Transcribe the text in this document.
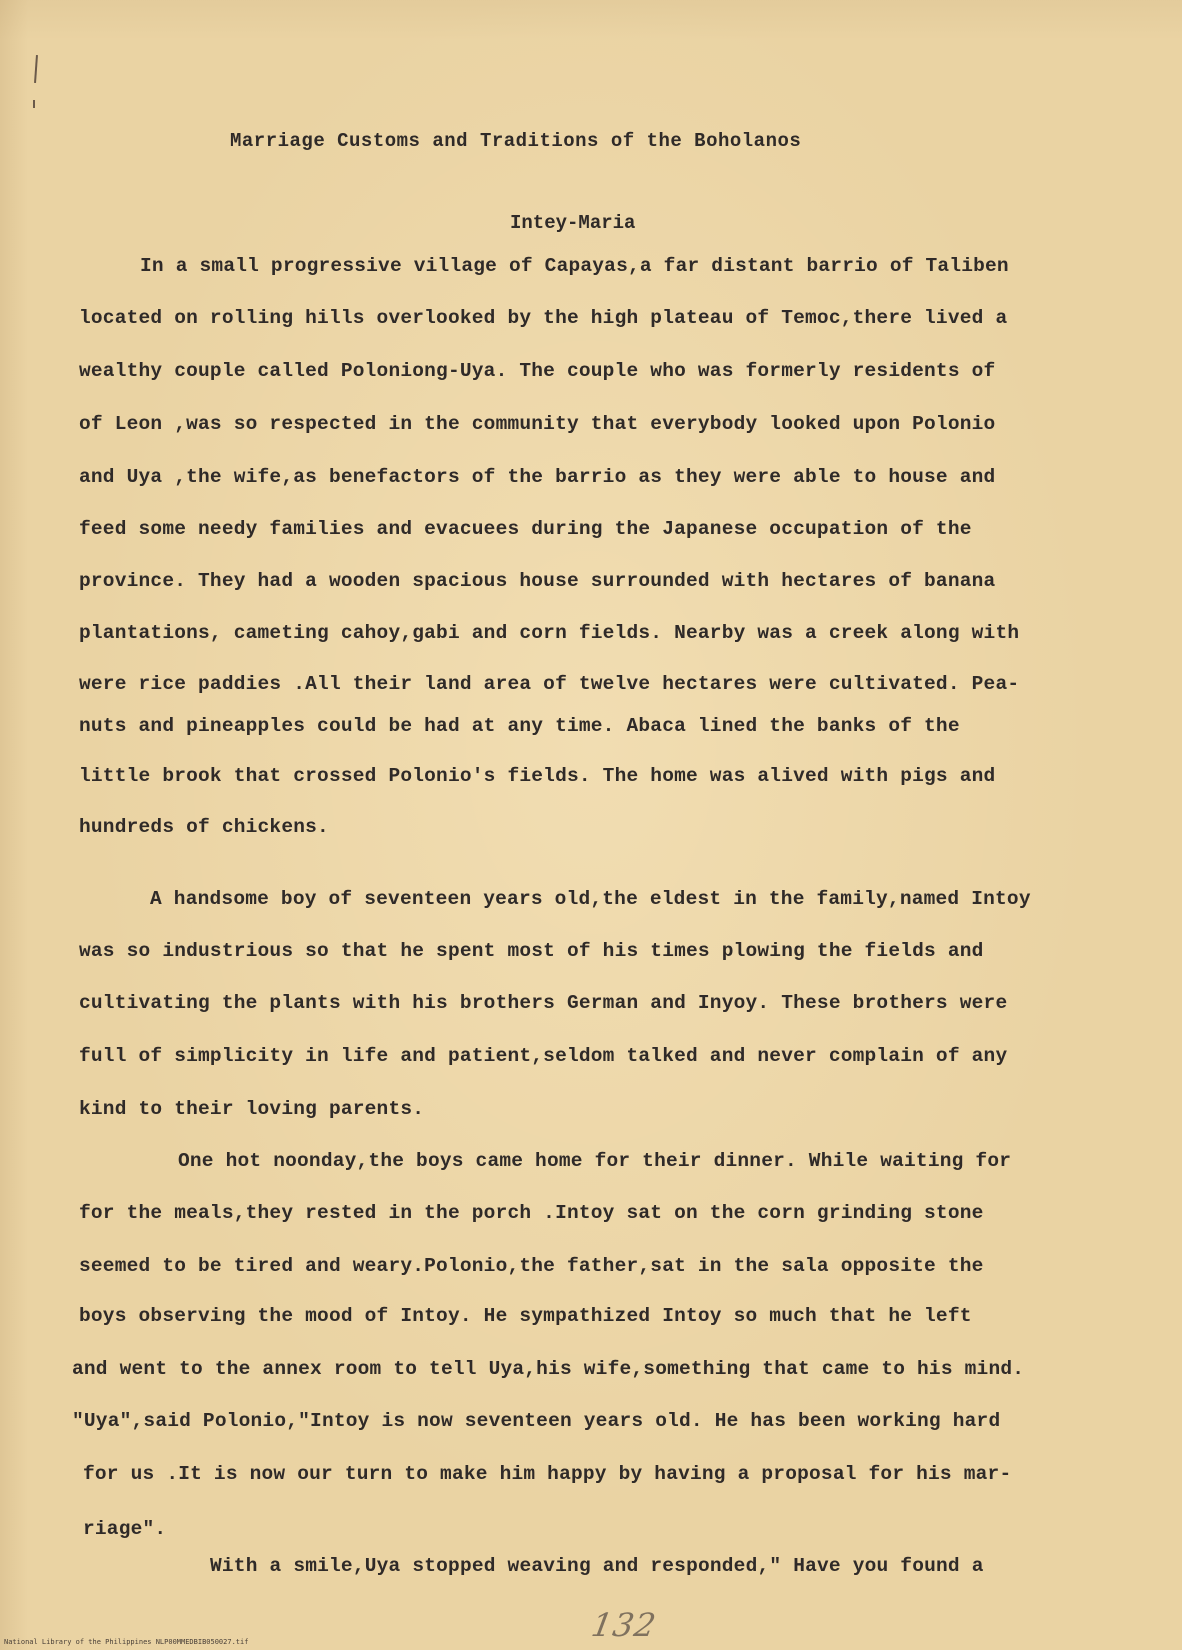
Marriage Customs and Traditions of the Boholanos
Intey-Maria
In a small progressive village of Capayas,a far distant barrio of Taliben
located on rolling hills overlooked by the high plateau of Temoc,there lived a
wealthy couple called Poloniong-Uya. The couple who was formerly residents of
of Leon ,was so respected in the community that everybody looked upon Polonio
and Uya ,the wife,as benefactors of the barrio as they were able to house and
feed some needy families and evacuees during the Japanese occupation of the
province. They had a wooden spacious house surrounded with hectares of banana
plantations, cameting cahoy,gabi and corn fields. Nearby was a creek along with
were rice paddies .All their land area of twelve hectares were cultivated. Pea-
nuts and pineapples could be had at any time. Abaca lined the banks of the
little brook that crossed Polonio's fields. The home was alived with pigs and
hundreds of chickens.
A handsome boy of seventeen years old,the eldest in the family,named Intoy
was so industrious so that he spent most of his times plowing the fields and
cultivating the plants with his brothers German and Inyoy. These brothers were
full of simplicity in life and patient,seldom talked and never complain of any
kind to their loving parents.
One hot noonday,the boys came home for their dinner. While waiting for
for the meals,they rested in the porch .Intoy sat on the corn grinding stone
seemed to be tired and weary.Polonio,the father,sat in the sala opposite the
boys observing the mood of Intoy. He sympathized Intoy so much that he left
and went to the annex room to tell Uya,his wife,something that came to his mind.
"Uya",said Polonio,"Intoy is now seventeen years old. He has been working hard
for us .It is now our turn to make him happy by having a proposal for his mar-
riage".
With a smile,Uya stopped weaving and responded," Have you found a
132
National Library of the Philippines NLP00MMEDBIB050027.tif
